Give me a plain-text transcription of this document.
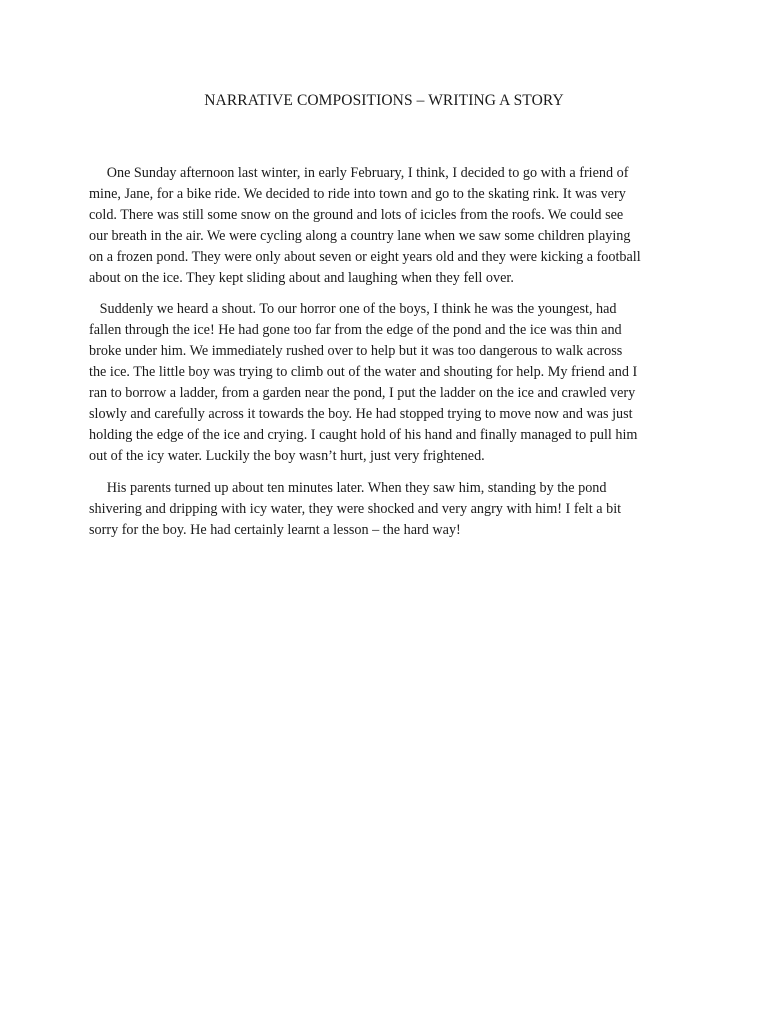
NARRATIVE COMPOSITIONS – WRITING A STORY

One Sunday afternoon last winter, in early February, I think, I decided to go with a friend of
mine, Jane, for a bike ride. We decided to ride into town and go to the skating rink. It was very
cold. There was still some snow on the ground and lots of icicles from the roofs. We could see
our breath in the air. We were cycling along a country lane when we saw some children playing
on a frozen pond. They were only about seven or eight years old and they were kicking a football
about on the ice. They kept sliding about and laughing when they fell over.

Suddenly we heard a shout. To our horror one of the boys, I think he was the youngest, had
fallen through the ice! He had gone too far from the edge of the pond and the ice was thin and
broke under him. We immediately rushed over to help but it was too dangerous to walk across
the ice. The little boy was trying to climb out of the water and shouting for help. My friend and I
ran to borrow a ladder, from a garden near the pond, I put the ladder on the ice and crawled very
slowly and carefully across it towards the boy. He had stopped trying to move now and was just
holding the edge of the ice and crying. I caught hold of his hand and finally managed to pull him
out of the icy water. Luckily the boy wasn’t hurt, just very frightened.

His parents turned up about ten minutes later. When they saw him, standing by the pond
shivering and dripping with icy water, they were shocked and very angry with him! I felt a bit
sorry for the boy. He had certainly learnt a lesson – the hard way!
